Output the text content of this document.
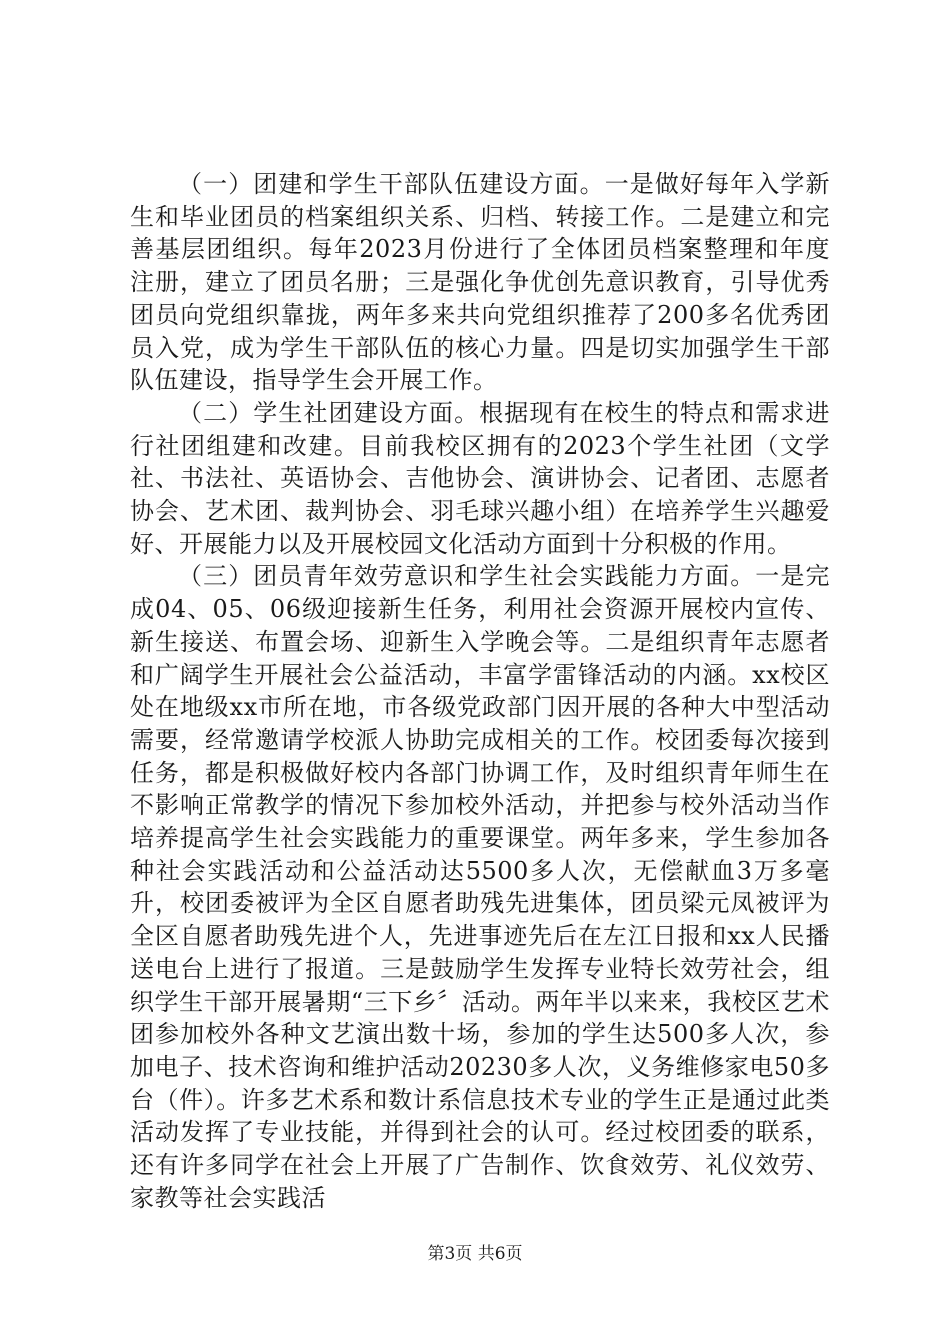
（一）团建和学生干部队伍建设方面。一是做好每年入学新生和毕业团员的档案组织关系、归档、转接工作。二是建立和完善基层团组织。每年2023月份进行了全体团员档案整理和年度注册，建立了团员名册；三是强化争优创先意识教育，引导优秀团员向党组织靠拢，两年多来共向党组织推荐了200多名优秀团员入党，成为学生干部队伍的核心力量。四是切实加强学生干部队伍建设，指导学生会开展工作。

（二）学生社团建设方面。根据现有在校生的特点和需求进行社团组建和改建。目前我校区拥有的2023个学生社团（文学社、书法社、英语协会、吉他协会、演讲协会、记者团、志愿者协会、艺术团、裁判协会、羽毛球兴趣小组）在培养学生兴趣爱好、开展能力以及开展校园文化活动方面到十分积极的作用。

（三）团员青年效劳意识和学生社会实践能力方面。一是完成04、05、06级迎接新生任务，利用社会资源开展校内宣传、新生接送、布置会场、迎新生入学晚会等。二是组织青年志愿者和广阔学生开展社会公益活动，丰富学雷锋活动的内涵。xx校区处在地级xx市所在地，市各级党政部门因开展的各种大中型活动需要，经常邀请学校派人协助完成相关的工作。校团委每次接到任务，都是积极做好校内各部门协调工作，及时组织青年师生在不影响正常教学的情况下参加校外活动，并把参与校外活动当作培养提高学生社会实践能力的重要课堂。两年多来，学生参加各种社会实践活动和公益活动达5500多人次，无偿献血3万多毫升，校团委被评为全区自愿者助残先进集体，团员梁元凤被评为全区自愿者助残先进个人，先进事迹先后在左江日报和xx人民播送电台上进行了报道。三是鼓励学生发挥专业特长效劳社会，组织学生干部开展暑期“三下乡〞活动。两年半以来来，我校区艺术团参加校外各种文艺演出数十场，参加的学生达500多人次，参加电子、技术咨询和维护活动20230多人次，义务维修家电50多台（件）。许多艺术系和数计系信息技术专业的学生正是通过此类活动发挥了专业技能，并得到社会的认可。经过校团委的联系，还有许多同学在社会上开展了广告制作、饮食效劳、礼仪效劳、家教等社会实践活

第3页 共6页
